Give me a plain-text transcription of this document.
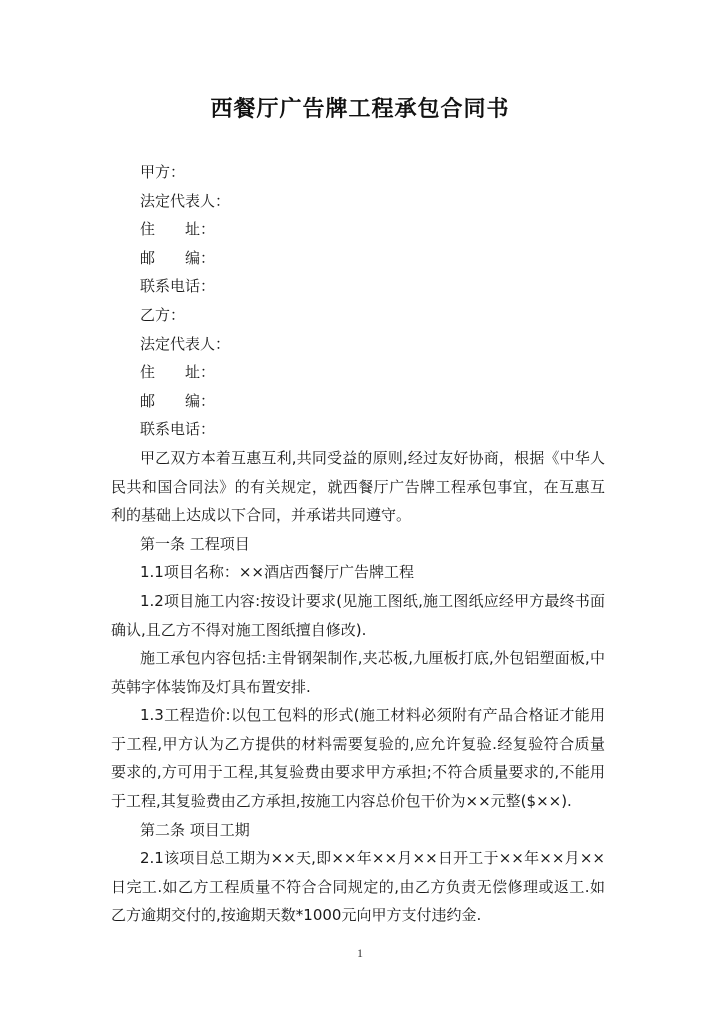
西餐厅广告牌工程承包合同书
甲方：
法定代表人：
住 址：
邮 编：
联系电话：
乙方：
法定代表人：
住 址：
邮 编：
联系电话：
甲乙双方本着互惠互利,共同受益的原则,经过友好协商，根据《中华人民共和国合同法》的有关规定，就西餐厅广告牌工程承包事宜，在互惠互利的基础上达成以下合同，并承诺共同遵守。
第一条 工程项目
1.1项目名称：××酒店西餐厅广告牌工程
1.2项目施工内容:按设计要求(见施工图纸,施工图纸应经甲方最终书面确认,且乙方不得对施工图纸擅自修改).
施工承包内容包括:主骨钢架制作,夹芯板,九厘板打底,外包铝塑面板,中英韩字体装饰及灯具布置安排.
1.3工程造价:以包工包料的形式(施工材料必须附有产品合格证才能用于工程,甲方认为乙方提供的材料需要复验的,应允许复验.经复验符合质量要求的,方可用于工程,其复验费由要求甲方承担;不符合质量要求的,不能用于工程,其复验费由乙方承担,按施工内容总价包干价为××元整($××).
第二条 项目工期
2.1该项目总工期为××天,即××年××月××日开工于××年××月××日完工.如乙方工程质量不符合合同规定的,由乙方负责无偿修理或返工.如乙方逾期交付的,按逾期天数*1000元向甲方支付违约金.
1
